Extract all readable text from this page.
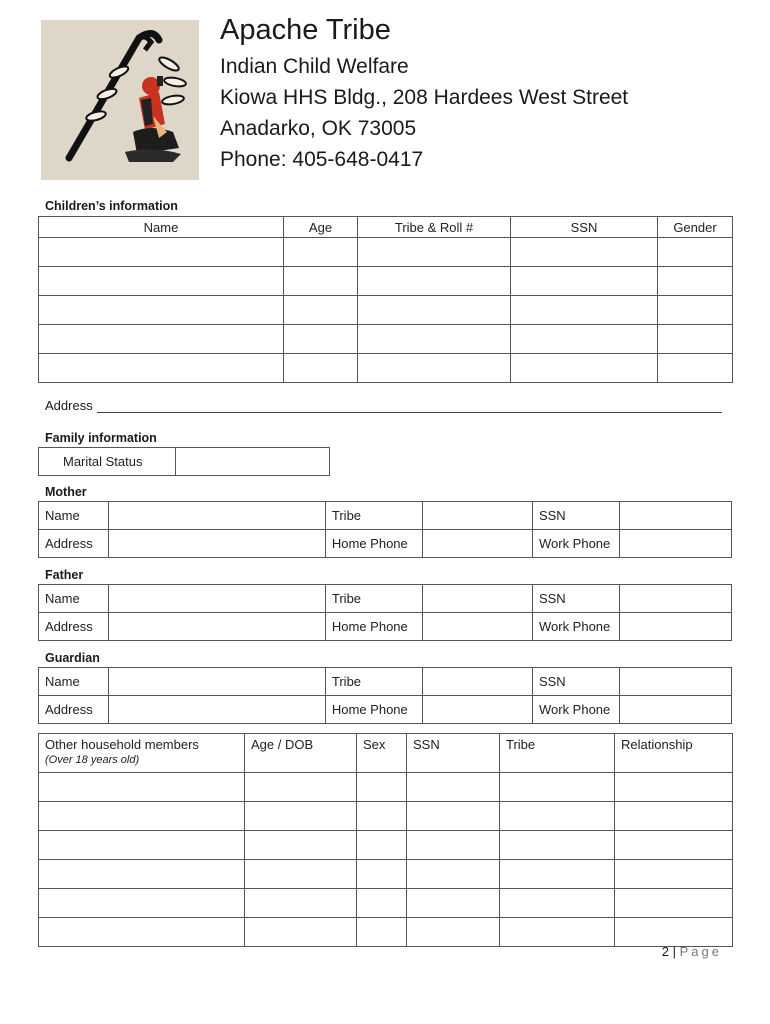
Apache Tribe
Indian Child Welfare
Kiowa HHS Bldg., 208 Hardees West Street
Anadarko, OK 73005
Phone: 405-648-0417
Children’s information
Name	Age	Tribe & Roll #	SSN	Gender

Address
Family information
Marital Status	
Mother
Name		Tribe		SSN	
Address		Home Phone		Work Phone	
Father
Name		Tribe		SSN	
Address		Home Phone		Work Phone	
Guardian
Name		Tribe		SSN	
Address		Home Phone		Work Phone	
Other household members
(Over 18 years old)	Age / DOB	Sex	SSN	Tribe	Relationship

2 | Page
